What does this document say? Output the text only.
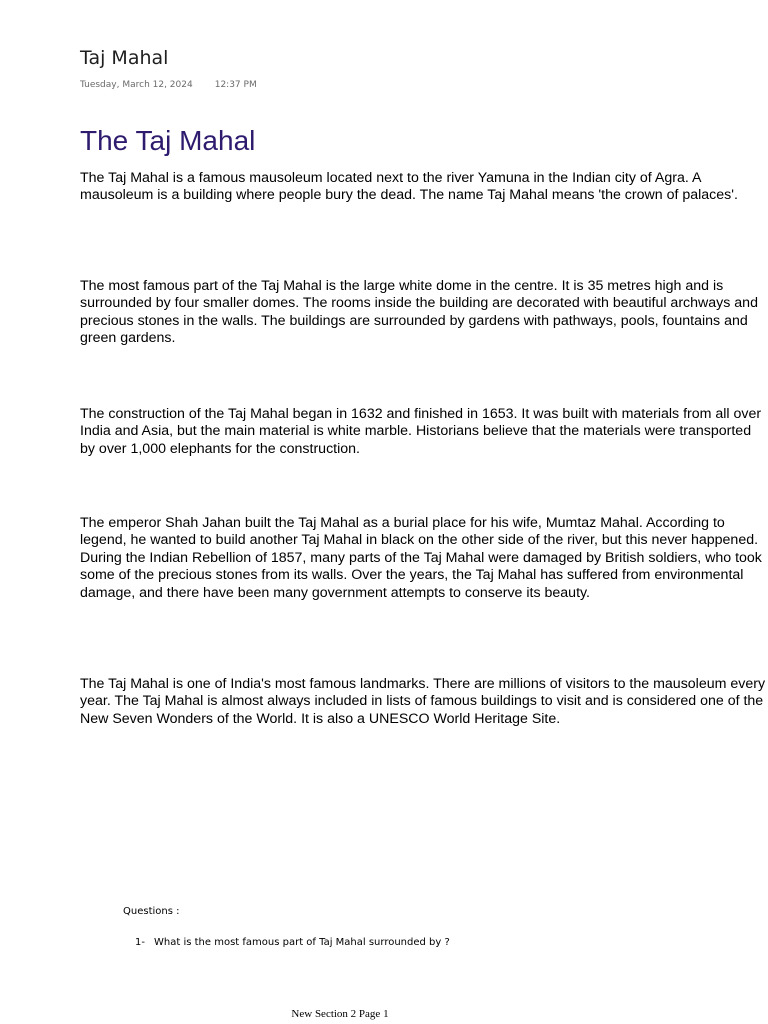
Taj Mahal
Tuesday, March 12, 2024 12:37 PM
The Taj Mahal

The Taj Mahal is a famous mausoleum located next to the river Yamuna in the Indian city of Agra. A mausoleum is a building where people bury the dead. The name Taj Mahal means 'the crown of palaces'.

The most famous part of the Taj Mahal is the large white dome in the centre. It is 35 metres high and is surrounded by four smaller domes. The rooms inside the building are decorated with beautiful archways and precious stones in the walls. The buildings are surrounded by gardens with pathways, pools, fountains and green gardens.

The construction of the Taj Mahal began in 1632 and finished in 1653. It was built with materials from all over India and Asia, but the main material is white marble. Historians believe that the materials were transported by over 1,000 elephants for the construction.

The emperor Shah Jahan built the Taj Mahal as a burial place for his wife, Mumtaz Mahal. According to legend, he wanted to build another Taj Mahal in black on the other side of the river, but this never happened. During the Indian Rebellion of 1857, many parts of the Taj Mahal were damaged by British soldiers, who took some of the precious stones from its walls. Over the years, the Taj Mahal has suffered from environmental damage, and there have been many government attempts to conserve its beauty.

The Taj Mahal is one of India's most famous landmarks. There are millions of visitors to the mausoleum every year. The Taj Mahal is almost always included in lists of famous buildings to visit and is considered one of the New Seven Wonders of the World. It is also a UNESCO World Heritage Site.

Questions :
1- What is the most famous part of Taj Mahal surrounded by ?
New Section 2 Page 1
